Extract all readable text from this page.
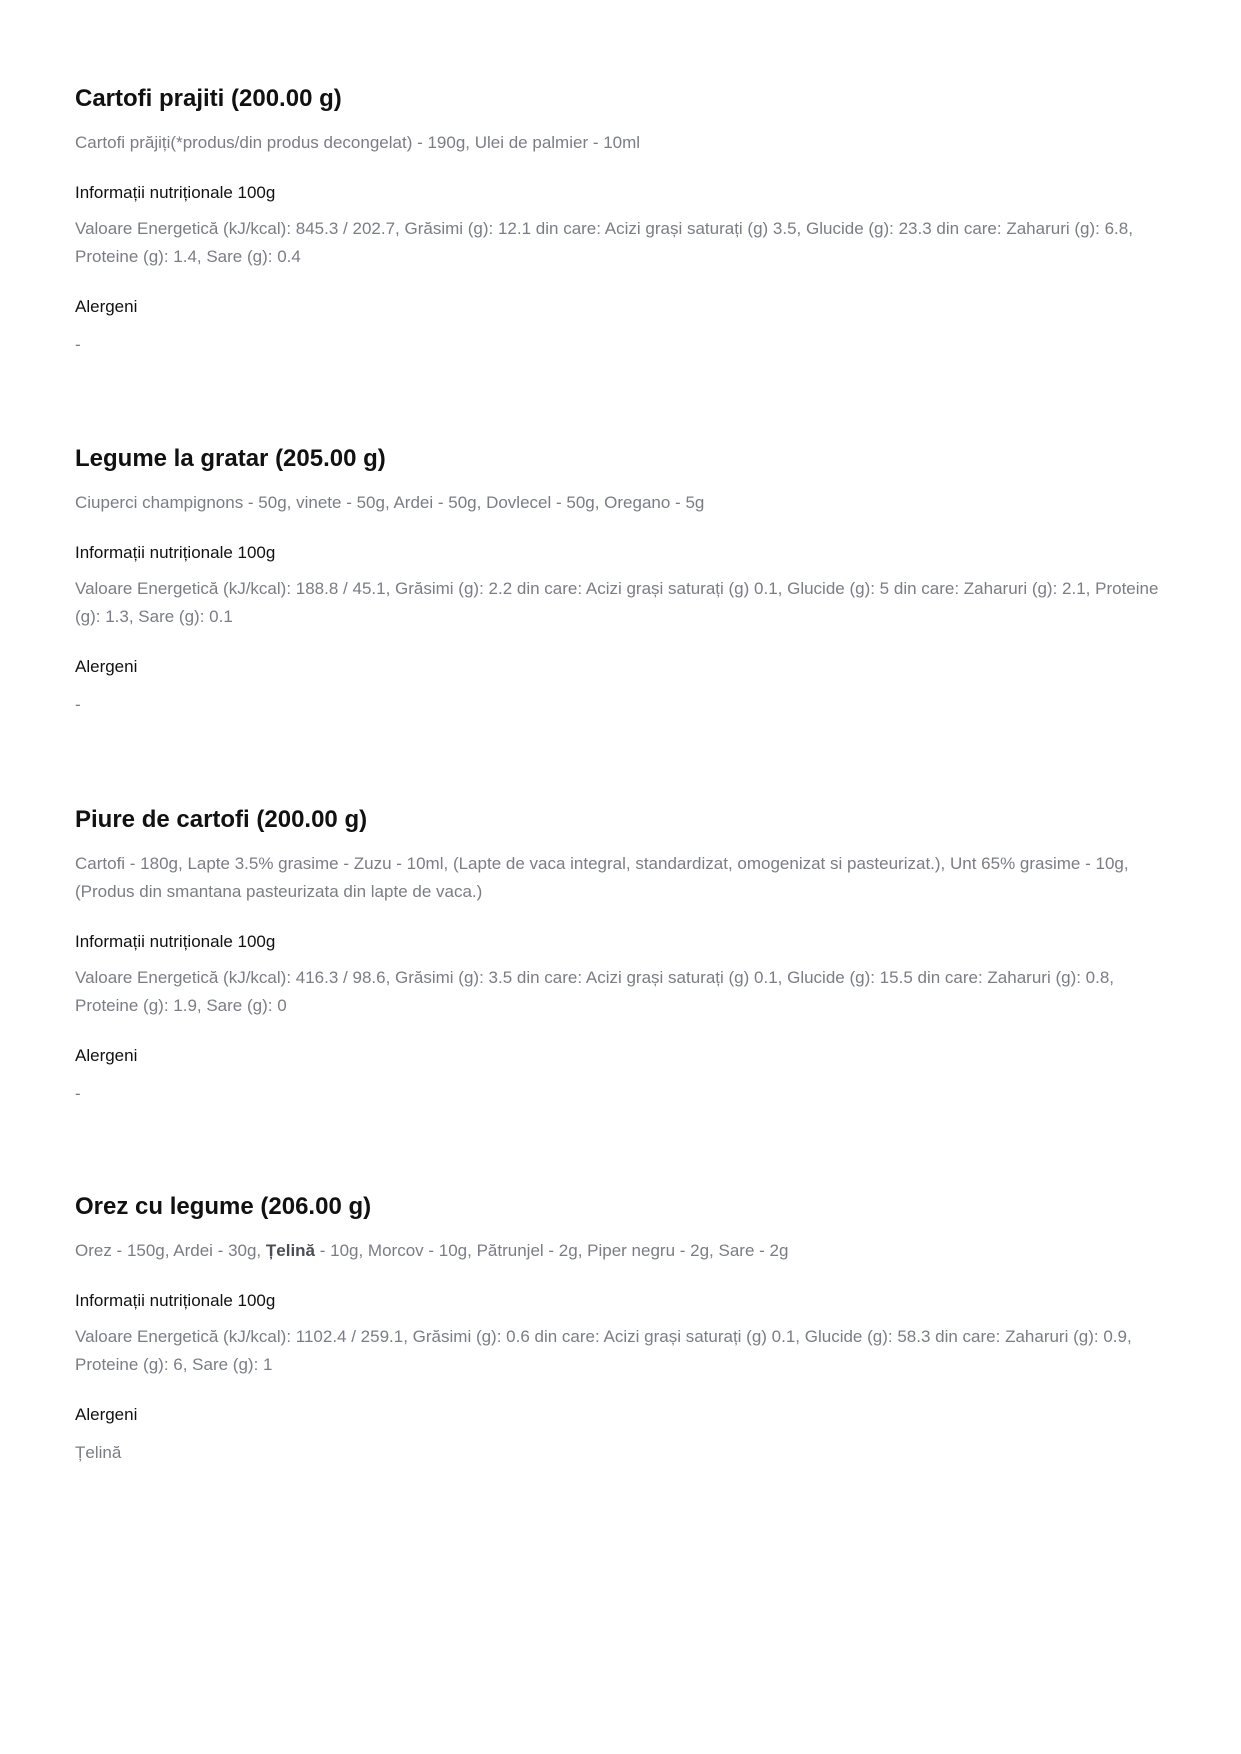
Cartofi prajiti (200.00 g)
Cartofi prăjiți(*produs/din produs decongelat) - 190g, Ulei de palmier - 10ml
Informații nutriționale 100g
Valoare Energetică (kJ/kcal): 845.3 / 202.7, Grăsimi (g): 12.1 din care: Acizi grași saturați (g) 3.5, Glucide (g): 23.3 din care: Zaharuri (g): 6.8, Proteine (g): 1.4, Sare (g): 0.4
Alergeni
-
Legume la gratar (205.00 g)
Ciuperci champignons - 50g, vinete - 50g, Ardei - 50g, Dovlecel - 50g, Oregano - 5g
Informații nutriționale 100g
Valoare Energetică (kJ/kcal): 188.8 / 45.1, Grăsimi (g): 2.2 din care: Acizi grași saturați (g) 0.1, Glucide (g): 5 din care: Zaharuri (g): 2.1, Proteine (g): 1.3, Sare (g): 0.1
Alergeni
-
Piure de cartofi (200.00 g)
Cartofi - 180g, Lapte 3.5% grasime - Zuzu - 10ml, (Lapte de vaca integral, standardizat, omogenizat si pasteurizat.), Unt 65% grasime - 10g, (Produs din smantana pasteurizata din lapte de vaca.)
Informații nutriționale 100g
Valoare Energetică (kJ/kcal): 416.3 / 98.6, Grăsimi (g): 3.5 din care: Acizi grași saturați (g) 0.1, Glucide (g): 15.5 din care: Zaharuri (g): 0.8, Proteine (g): 1.9, Sare (g): 0
Alergeni
-
Orez cu legume (206.00 g)
Orez - 150g, Ardei - 30g, Țelină - 10g, Morcov - 10g, Pătrunjel - 2g, Piper negru - 2g, Sare - 2g
Informații nutriționale 100g
Valoare Energetică (kJ/kcal): 1102.4 / 259.1, Grăsimi (g): 0.6 din care: Acizi grași saturați (g) 0.1, Glucide (g): 58.3 din care: Zaharuri (g): 0.9, Proteine (g): 6, Sare (g): 1
Alergeni
Țelină
